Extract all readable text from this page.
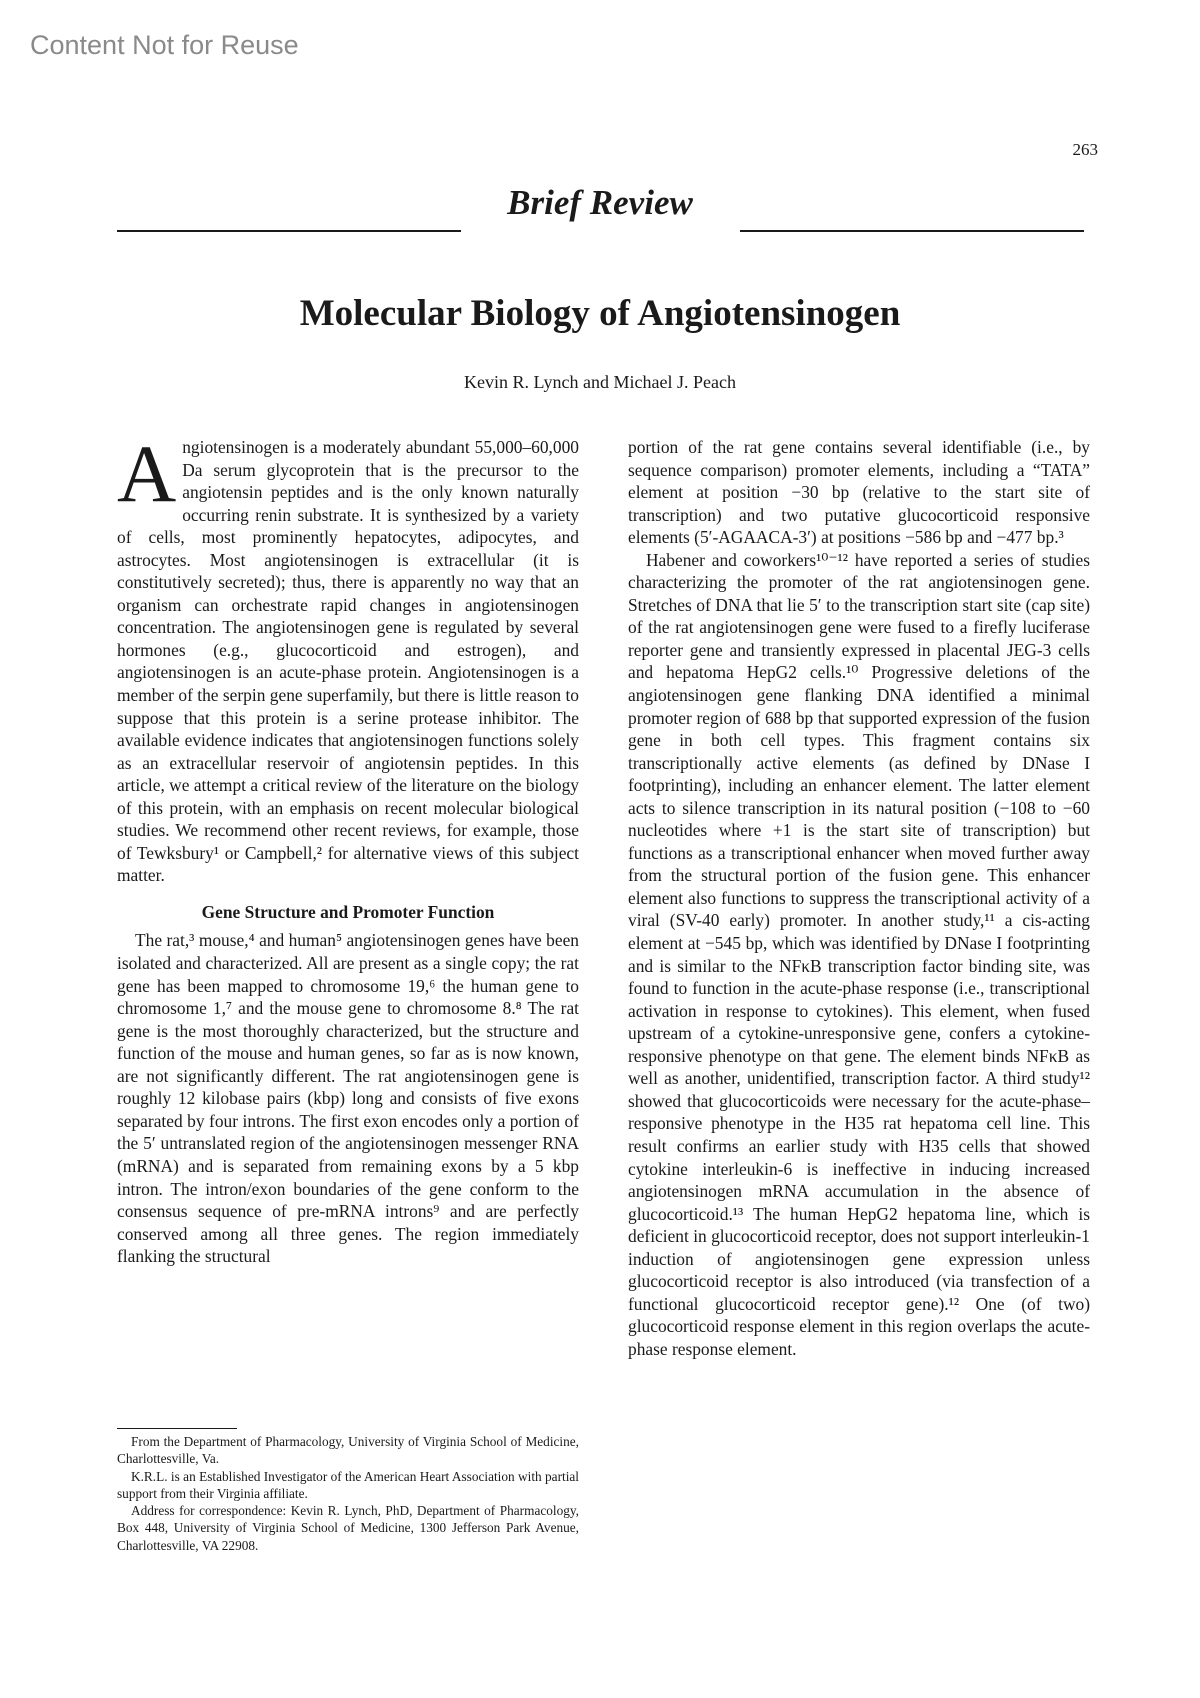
Content Not for Reuse
263
Brief Review
Molecular Biology of Angiotensinogen
Kevin R. Lynch and Michael J. Peach

Angiotensinogen is a moderately abundant 55,000–60,000 Da serum glycoprotein that is the precursor to the angiotensin peptides and is the only known naturally occurring renin substrate. It is synthesized by a variety of cells, most prominently hepatocytes, adipocytes, and astrocytes. Most angiotensinogen is extracellular (it is constitutively secreted); thus, there is apparently no way that an organism can orchestrate rapid changes in angiotensinogen concentration. The angiotensinogen gene is regulated by several hormones (e.g., glucocorticoid and estrogen), and angiotensinogen is an acute-phase protein. Angiotensinogen is a member of the serpin gene superfamily, but there is little reason to suppose that this protein is a serine protease inhibitor. The available evidence indicates that angiotensinogen functions solely as an extracellular reservoir of angiotensin peptides. In this article, we attempt a critical review of the literature on the biology of this protein, with an emphasis on recent molecular biological studies. We recommend other recent reviews, for example, those of Tewksbury¹ or Campbell,² for alternative views of this subject matter.

Gene Structure and Promoter Function

The rat,³ mouse,⁴ and human⁵ angiotensinogen genes have been isolated and characterized. All are present as a single copy; the rat gene has been mapped to chromosome 19,⁶ the human gene to chromosome 1,⁷ and the mouse gene to chromosome 8.⁸ The rat gene is the most thoroughly characterized, but the structure and function of the mouse and human genes, so far as is now known, are not significantly different. The rat angiotensinogen gene is roughly 12 kilobase pairs (kbp) long and consists of five exons separated by four introns. The first exon encodes only a portion of the 5′ untranslated region of the angiotensinogen messenger RNA (mRNA) and is separated from remaining exons by a 5 kbp intron. The intron/exon boundaries of the gene conform to the consensus sequence of pre-mRNA introns⁹ and are perfectly conserved among all three genes. The region immediately flanking the structural

portion of the rat gene contains several identifiable (i.e., by sequence comparison) promoter elements, including a “TATA” element at position −30 bp (relative to the start site of transcription) and two putative glucocorticoid responsive elements (5′-AGAACA-3′) at positions −586 bp and −477 bp.³

Habener and coworkers¹⁰⁻¹² have reported a series of studies characterizing the promoter of the rat angiotensinogen gene. Stretches of DNA that lie 5′ to the transcription start site (cap site) of the rat angiotensinogen gene were fused to a firefly luciferase reporter gene and transiently expressed in placental JEG-3 cells and hepatoma HepG2 cells.¹⁰ Progressive deletions of the angiotensinogen gene flanking DNA identified a minimal promoter region of 688 bp that supported expression of the fusion gene in both cell types. This fragment contains six transcriptionally active elements (as defined by DNase I footprinting), including an enhancer element. The latter element acts to silence transcription in its natural position (−108 to −60 nucleotides where +1 is the start site of transcription) but functions as a transcriptional enhancer when moved further away from the structural portion of the fusion gene. This enhancer element also functions to suppress the transcriptional activity of a viral (SV-40 early) promoter. In another study,¹¹ a cis-acting element at −545 bp, which was identified by DNase I footprinting and is similar to the NFκB transcription factor binding site, was found to function in the acute-phase response (i.e., transcriptional activation in response to cytokines). This element, when fused upstream of a cytokine-unresponsive gene, confers a cytokine-responsive phenotype on that gene. The element binds NFκB as well as another, unidentified, transcription factor. A third study¹² showed that glucocorticoids were necessary for the acute-phase–responsive phenotype in the H35 rat hepatoma cell line. This result confirms an earlier study with H35 cells that showed cytokine interleukin-6 is ineffective in inducing increased angiotensinogen mRNA accumulation in the absence of glucocorticoid.¹³ The human HepG2 hepatoma line, which is deficient in glucocorticoid receptor, does not support interleukin-1 induction of angiotensinogen gene expression unless glucocorticoid receptor is also introduced (via transfection of a functional glucocorticoid receptor gene).¹² One (of two) glucocorticoid response element in this region overlaps the acute-phase response element.

From the Department of Pharmacology, University of Virginia School of Medicine, Charlottesville, Va.

K.R.L. is an Established Investigator of the American Heart Association with partial support from their Virginia affiliate.

Address for correspondence: Kevin R. Lynch, PhD, Department of Pharmacology, Box 448, University of Virginia School of Medicine, 1300 Jefferson Park Avenue, Charlottesville, VA 22908.
